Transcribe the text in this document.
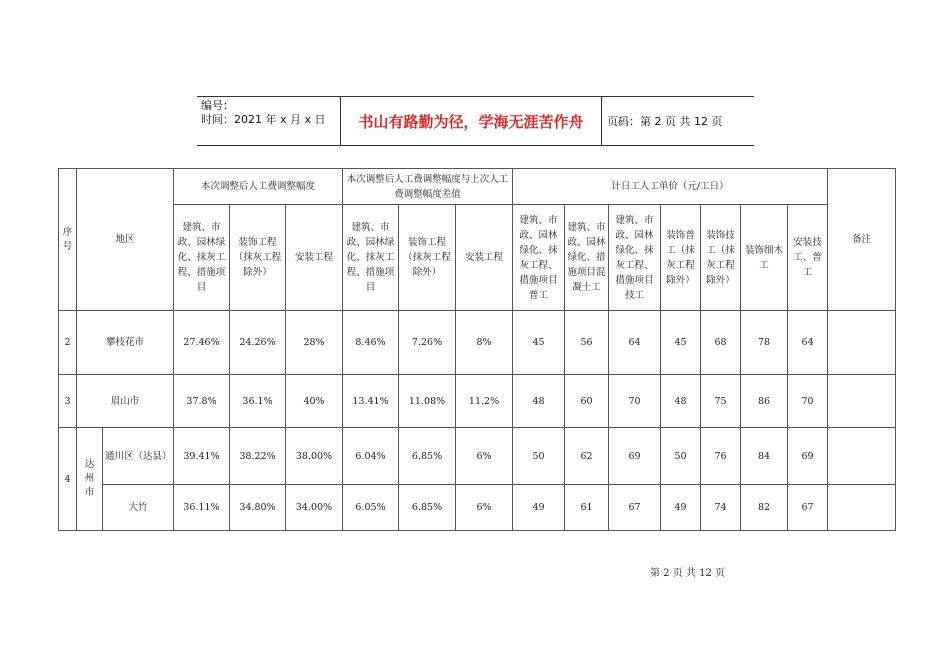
编号：
时间：2021 年 x 月 x 日	书山有路勤为径，学海无涯苦作舟	页码：第 2 页 共 12 页
序号	地区		本次调整后人工费调整幅度			本次调整后人工费调整幅度与上次人工费调整幅度差值			计日工人工单价（元/工日）							备注
			建筑、市政、园林绿化、抹灰工程、措施项目	装饰工程（抹灰工程除外）	安装工程	建筑、市政、园林绿化、抹灰工程、措施项目	装饰工程（抹灰工程除外）	安装工程	建筑、市政、园林绿化、抹灰工程、措施项目普工	建筑、市政、园林绿化、措施项目混凝土工	建筑、市政、园林绿化、抹灰工程、措施项目技工	装饰普工（抹灰工程除外）	装饰技工（抹灰工程除外）	装饰细木工	安装技工、普工	
2	攀枝花市		27.46%	24.26%	28%	8.46%	7.26%	8%	45	56	64	45	68	78	64	
3	眉山市		37.8%	36.1%	40%	13.41%	11.08%	11.2%	48	60	70	48	75	86	70	
4	达州市	通川区（达县）	39.41%	38.22%	38.00%	6.04%	6.85%	6%	50	62	69	50	76	84	69	
		大竹	36.11%	34.80%	34.00%	6.05%	6.85%	6%	49	61	67	49	74	82	67	
第 2 页 共 12 页
